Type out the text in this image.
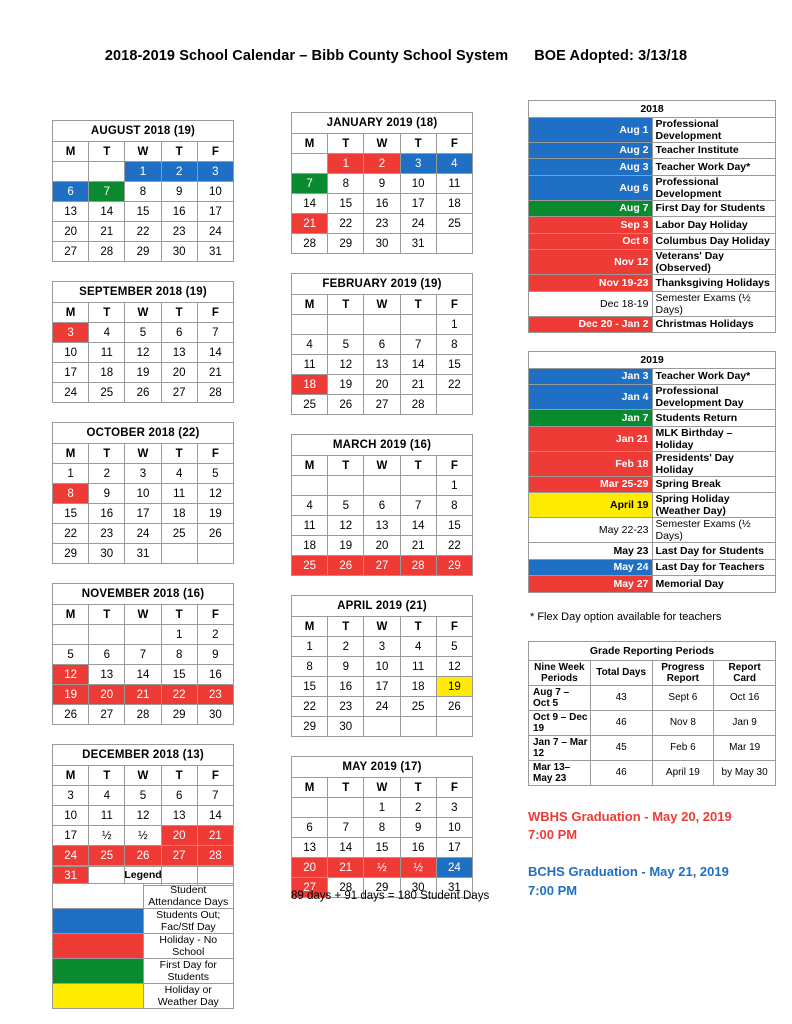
2018-2019 School Calendar – Bibb County School System BOE Adopted: 3/13/18
AUGUST 2018 (19)				
M	T	W	T	F
		1	2	3
6	7	8	9	10
13	14	15	16	17
20	21	22	23	24
27	28	29	30	31
SEPTEMBER 2018 (19)				
M	T	W	T	F
3	4	5	6	7
10	11	12	13	14
17	18	19	20	21
24	25	26	27	28
OCTOBER 2018 (22)				
M	T	W	T	F
1	2	3	4	5
8	9	10	11	12
15	16	17	18	19
22	23	24	25	26
29	30	31		
NOVEMBER 2018 (16)				
M	T	W	T	F
			1	2
5	6	7	8	9
12	13	14	15	16
19	20	21	22	23
26	27	28	29	30
DECEMBER 2018 (13)				
M	T	W	T	F
3	4	5	6	7
10	11	12	13	14
17	½	½	20	21
24	25	26	27	28
31				
JANUARY 2019 (18)				
M	T	W	T	F
	1	2	3	4
7	8	9	10	11
14	15	16	17	18
21	22	23	24	25
28	29	30	31	
FEBRUARY 2019 (19)				
M	T	W	T	F
				1
4	5	6	7	8
11	12	13	14	15
18	19	20	21	22
25	26	27	28	
MARCH 2019 (16)				
M	T	W	T	F
				1
4	5	6	7	8
11	12	13	14	15
18	19	20	21	22
25	26	27	28	29
APRIL 2019 (21)				
M	T	W	T	F
1	2	3	4	5
8	9	10	11	12
15	16	17	18	19
22	23	24	25	26
29	30			
MAY 2019 (17)				
M	T	W	T	F
		1	2	3
6	7	8	9	10
13	14	15	16	17
20	21	½	½	24
27	28	29	30	31
2018	
Aug 1	Professional Development
Aug 2	Teacher Institute
Aug 3	Teacher Work Day*
Aug 6	Professional Development
Aug 7	First Day for Students
Sep 3	Labor Day Holiday
Oct 8	Columbus Day Holiday
Nov 12	Veterans' Day (Observed)
Nov 19-23	Thanksgiving Holidays
Dec 18-19	Semester Exams (½ Days)
Dec 20 - Jan 2	Christmas Holidays
2019	
Jan 3	Teacher Work Day*
Jan 4	Professional Development Day
Jan 7	Students Return
Jan 21	MLK Birthday – Holiday
Feb 18	Presidents' Day Holiday
Mar 25-29	Spring Break
April 19	Spring Holiday (Weather Day)
May 22-23	Semester Exams (½ Days)
May 23	Last Day for Students
May 24	Last Day for Teachers
May 27	Memorial Day
* Flex Day option available for teachers
Grade Reporting Periods			
Nine Week Periods	Total Days	Progress Report	Report Card
Aug 7 – Oct 5	43	Sept 6	Oct 16
Oct 9 – Dec 19	46	Nov 8	Jan 9
Jan 7 – Mar 12	45	Feb 6	Mar 19
Mar 13–May 23	46	April 19	by May 30
WBHS Graduation - May 20, 2019
7:00 PM
BCHS Graduation - May 21, 2019
7:00 PM
Legend	
	Student Attendance Days
	Students Out; Fac/Stf Day
	Holiday - No School
	First Day for Students
	Holiday or Weather Day
89 days + 91 days = 180 Student Days
